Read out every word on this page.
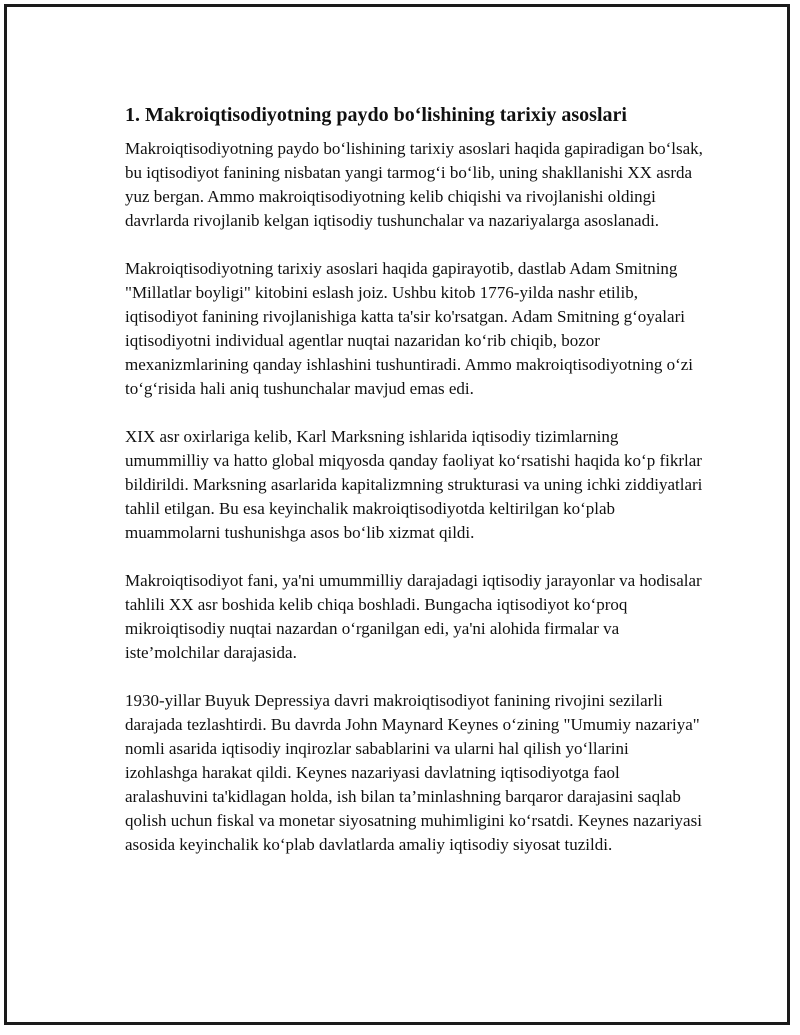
1. Makroiqtisodiyotning paydo bo‘lishining tarixiy asoslari

Makroiqtisodiyotning paydo bo‘lishining tarixiy asoslari haqida gapiradigan bo‘lsak, bu iqtisodiyot fanining nisbatan yangi tarmog‘i bo‘lib, uning shakllanishi XX asrda yuz bergan. Ammo makroiqtisodiyotning kelib chiqishi va rivojlanishi oldingi davrlarda rivojlanib kelgan iqtisodiy tushunchalar va nazariyalarga asoslanadi.

Makroiqtisodiyotning tarixiy asoslari haqida gapirayotib, dastlab Adam Smitning "Millatlar boyligi" kitobini eslash joiz. Ushbu kitob 1776-yilda nashr etilib, iqtisodiyot fanining rivojlanishiga katta ta'sir ko'rsatgan. Adam Smitning g‘oyalari iqtisodiyotni individual agentlar nuqtai nazaridan ko‘rib chiqib, bozor mexanizmlarining qanday ishlashini tushuntiradi. Ammo makroiqtisodiyotning o‘zi to‘g‘risida hali aniq tushunchalar mavjud emas edi.

XIX asr oxirlariga kelib, Karl Marksning ishlarida iqtisodiy tizimlarning umummilliy va hatto global miqyosda qanday faoliyat ko‘rsatishi haqida ko‘p fikrlar bildirildi. Marksning asarlarida kapitalizmning strukturasi va uning ichki ziddiyatlari tahlil etilgan. Bu esa keyinchalik makroiqtisodiyotda keltirilgan ko‘plab muammolarni tushunishga asos bo‘lib xizmat qildi.

Makroiqtisodiyot fani, ya'ni umummilliy darajadagi iqtisodiy jarayonlar va hodisalar tahlili XX asr boshida kelib chiqa boshladi. Bungacha iqtisodiyot ko‘proq mikroiqtisodiy nuqtai nazardan o‘rganilgan edi, ya'ni alohida firmalar va iste’molchilar darajasida.

1930-yillar Buyuk Depressiya davri makroiqtisodiyot fanining rivojini sezilarli darajada tezlashtirdi. Bu davrda John Maynard Keynes o‘zining "Umumiy nazariya" nomli asarida iqtisodiy inqirozlar sabablarini va ularni hal qilish yo‘llarini izohlashga harakat qildi. Keynes nazariyasi davlatning iqtisodiyotga faol aralashuvini ta'kidlagan holda, ish bilan ta’minlashning barqaror darajasini saqlab qolish uchun fiskal va monetar siyosatning muhimligini ko‘rsatdi. Keynes nazariyasi asosida keyinchalik ko‘plab davlatlarda amaliy iqtisodiy siyosat tuzildi.
